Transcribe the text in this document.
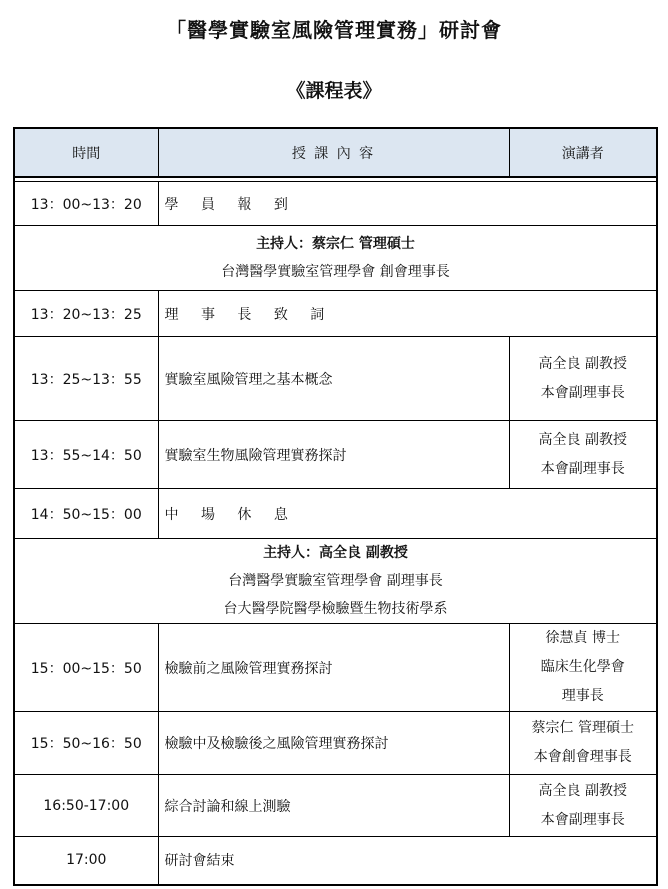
「醫學實驗室風險管理實務」研討會
《課程表》
時間	授 課 內 容	演講者

13：00~13：20	學 員 報 到	

主持人：蔡宗仁 管理碩士
台灣醫學實驗室管理學會 創會理事長		

13：20~13：25	理 事 長 致 詞	
13：25~13：55	實驗室風險管理之基本概念	高全良 副教授
本會副理事長

13：55~14：50	實驗室生物風險管理實務探討	高全良 副教授
本會副理事長

14：50~15：00	中 場 休 息	

主持人：高全良 副教授
台灣醫學實驗室管理學會 副理事長
台大醫學院醫學檢驗暨生物技術學系		

15：00~15：50	檢驗前之風險管理實務探討	徐慧貞 博士
臨床生化學會
理事長

15：50~16：50	檢驗中及檢驗後之風險管理實務探討	蔡宗仁 管理碩士
本會創會理事長

16:50-17:00	綜合討論和線上測驗	高全良 副教授
本會副理事長

17:00	研討會結束	
